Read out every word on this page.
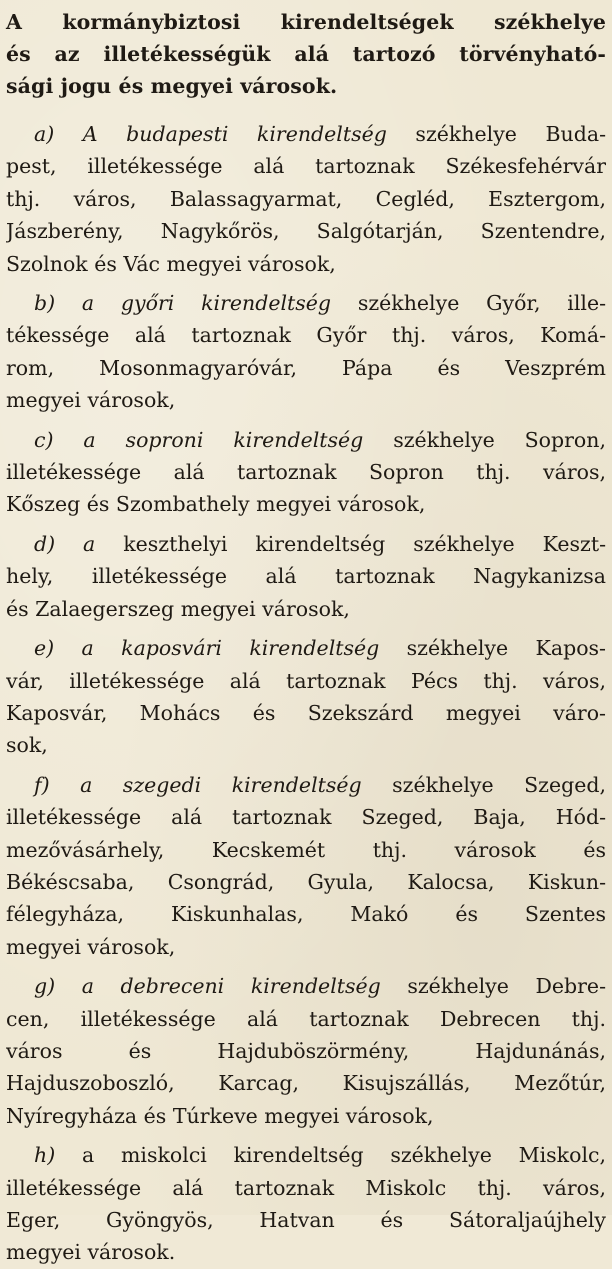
A kormánybiztosi kirendeltségek székhelye
és az illetékességük alá tartozó törvényható-
sági jogu és megyei városok.

a) A budapesti kirendeltség székhelye Buda-
pest, illetékessége alá tartoznak Székesfehérvár
thj. város, Balassagyarmat, Cegléd, Esztergom,
Jászberény, Nagykőrös, Salgótarján, Szentendre,
Szolnok és Vác megyei városok,

b) a győri kirendeltség székhelye Győr, ille-
tékessége alá tartoznak Győr thj. város, Komá-
rom, Mosonmagyaróvár, Pápa és Veszprém
megyei városok,

c) a soproni kirendeltség székhelye Sopron,
illetékessége alá tartoznak Sopron thj. város,
Kőszeg és Szombathely megyei városok,

d) a keszthelyi kirendeltség székhelye Keszt-
hely, illetékessége alá tartoznak Nagykanizsa
és Zalaegerszeg megyei városok,

e) a kaposvári kirendeltség székhelye Kapos-
vár, illetékessége alá tartoznak Pécs thj. város,
Kaposvár, Mohács és Szekszárd megyei váro-
sok,

f) a szegedi kirendeltség székhelye Szeged,
illetékessége alá tartoznak Szeged, Baja, Hód-
mezővásárhely, Kecskemét thj. városok és
Békéscsaba, Csongrád, Gyula, Kalocsa, Kiskun-
félegyháza, Kiskunhalas, Makó és Szentes
megyei városok,

g) a debreceni kirendeltség székhelye Debre-
cen, illetékessége alá tartoznak Debrecen thj.
város és Hajduböszörmény, Hajdunánás,
Hajduszoboszló, Karcag, Kisujszállás, Mezőtúr,
Nyíregyháza és Túrkeve megyei városok,

h) a miskolci kirendeltség székhelye Miskolc,
illetékessége alá tartoznak Miskolc thj. város,
Eger, Gyöngyös, Hatvan és Sátoraljaújhely
megyei városok.
